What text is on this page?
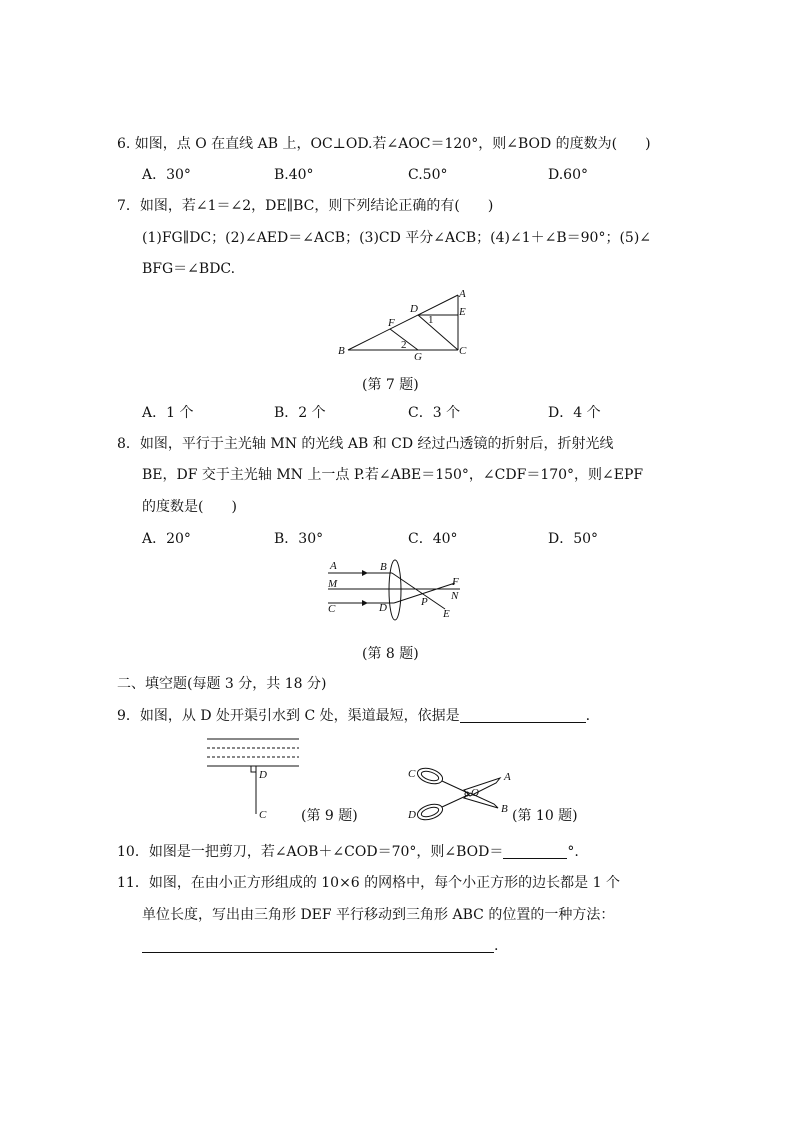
6. 如图，点 O 在直线 AB 上，OC⊥OD.若∠AOC＝120°，则∠BOD 的度数为(　　)
A．30°	B.40°	C.50°	D.60°
7．如图，若∠1＝∠2，DE∥BC，则下列结论正确的有(　　)
(1)FG∥DC；(2)∠AED＝∠ACB；(3)CD 平分∠ACB；(4)∠1＋∠B＝90°；(5)∠
BFG＝∠BDC.
A
B	C
D	E
F
G
1
2
(第 7 题)
A．1 个	B．2 个	C．3 个	D．4 个
8．如图，平行于主光轴 MN 的光线 AB 和 CD 经过凸透镜的折射后，折射光线
BE，DF 交于主光轴 MN 上一点 P.若∠ABE＝150°，∠CDF＝170°，则∠EPF
的度数是(　　)
A．20°	B．30°	C．40°	D．50°
A	B
M
C	D	P
F
N
E
(第 8 题)
二、填空题(每题 3 分，共 18 分)
9．如图，从 D 处开渠引水到 C 处，渠道最短，依据是	.
D
C (第 9 题)
C	A
O
D	B (第 10 题)
10．如图是一把剪刀，若∠AOB＋∠COD＝70°，则∠BOD＝	°.
11．如图，在由小正方形组成的 10×6 的网格中，每个小正方形的边长都是 1 个
单位长度，写出由三角形 DEF 平行移动到三角形 ABC 的位置的一种方法：
.
